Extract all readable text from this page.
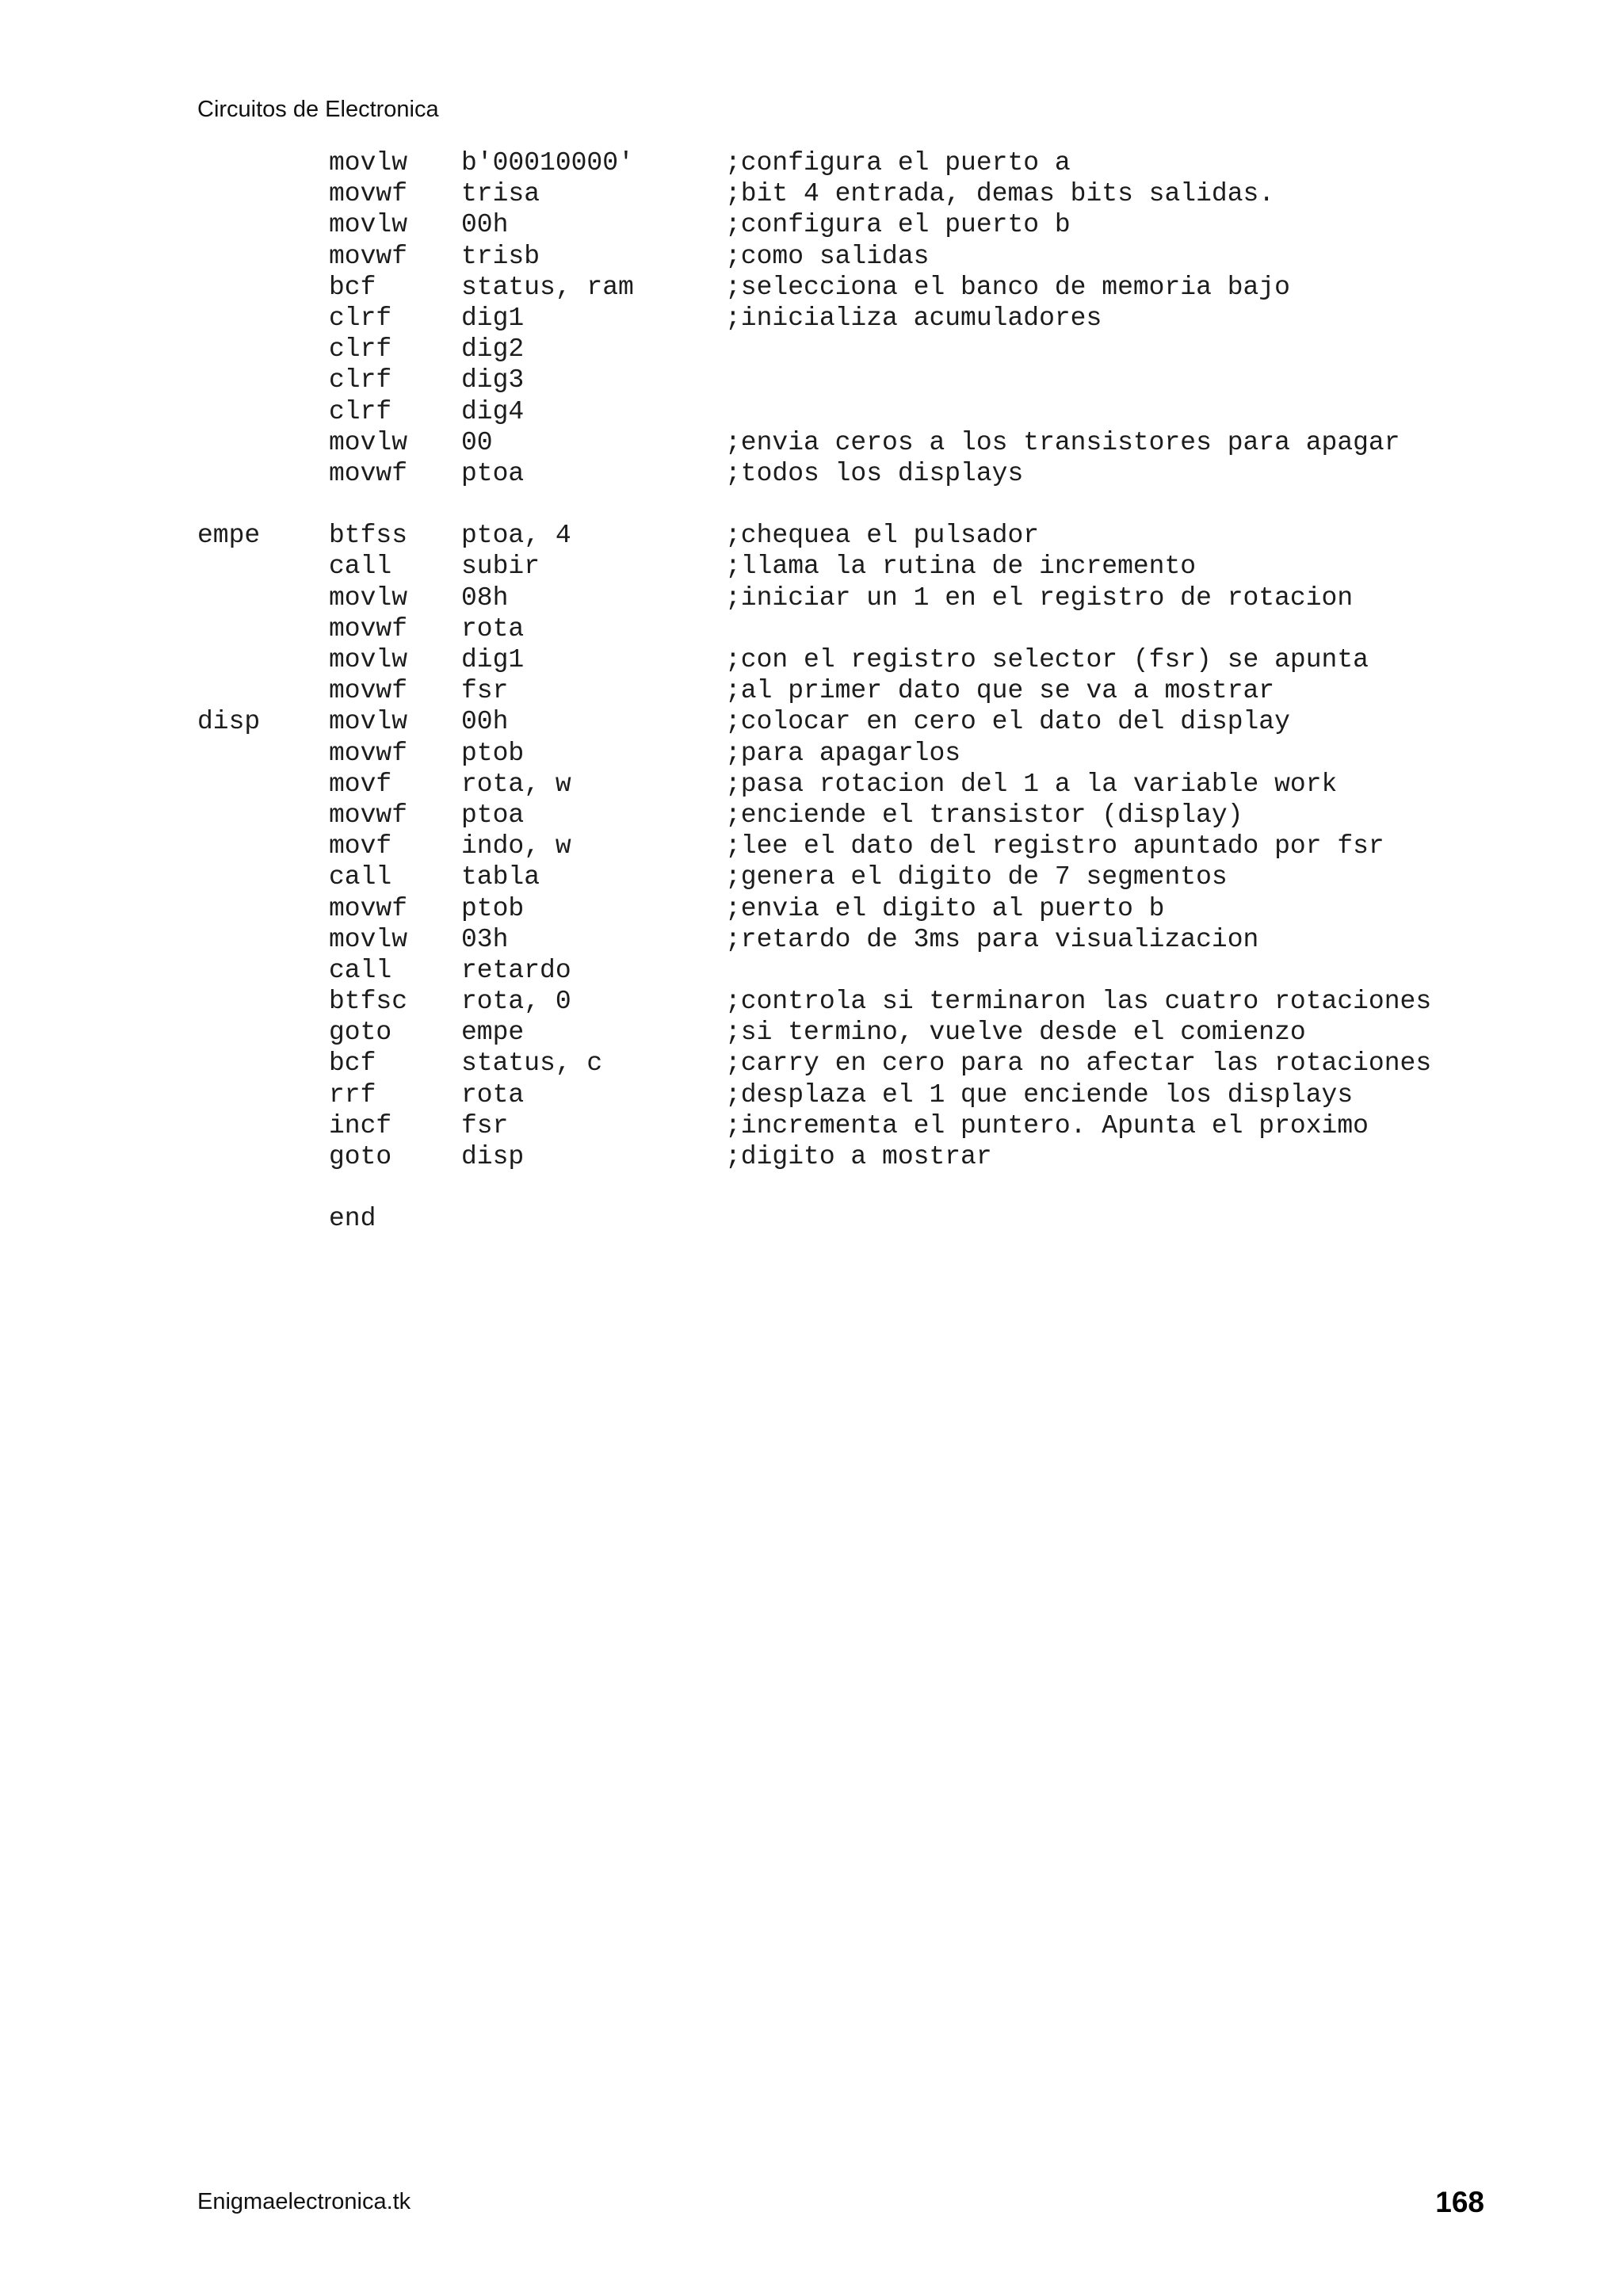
Circuitos de Electronica
movlw b'00010000'	;configura el puerto a
movwf trisa	;bit 4 entrada, demas bits salidas.
movlw 00h	;configura el puerto b
movwf trisb	;como salidas
bcf	status, ram	;selecciona el banco de memoria bajo
clrf	dig1	;inicializa acumuladores
clrf	dig2
clrf	dig3
clrf	dig4
movlw 00	;envia ceros a los transistores para apagar
movwf ptoa	;todos los displays
empe	btfss ptoa, 4	;chequea el pulsador
call	subir	;llama la rutina de incremento
movlw 08h	;iniciar un 1 en el registro de rotacion
movwf rota
movlw dig1	;con el registro selector (fsr) se apunta
movwf fsr	;al primer dato que se va a mostrar
disp	movlw 00h	;colocar en cero el dato del display
movwf ptob	;para apagarlos
movf	rota, w	;pasa rotacion del 1 a la variable work
movwf ptoa	;enciende el transistor (display)
movf	indo, w	;lee el dato del registro apuntado por fsr
call	tabla	;genera el digito de 7 segmentos
movwf ptob	;envia el digito al puerto b
movlw 03h	;retardo de 3ms para visualizacion
call	retardo
btfsc rota, 0	;controla si terminaron las cuatro rotaciones
goto	empe	;si termino, vuelve desde el comienzo
bcf	status, c	;carry en cero para no afectar las rotaciones
rrf	rota	;desplaza el 1 que enciende los displays
incf	fsr	;incrementa el puntero. Apunta el proximo
goto	disp	;digito a mostrar
end
Enigmaelectronica.tk	168
